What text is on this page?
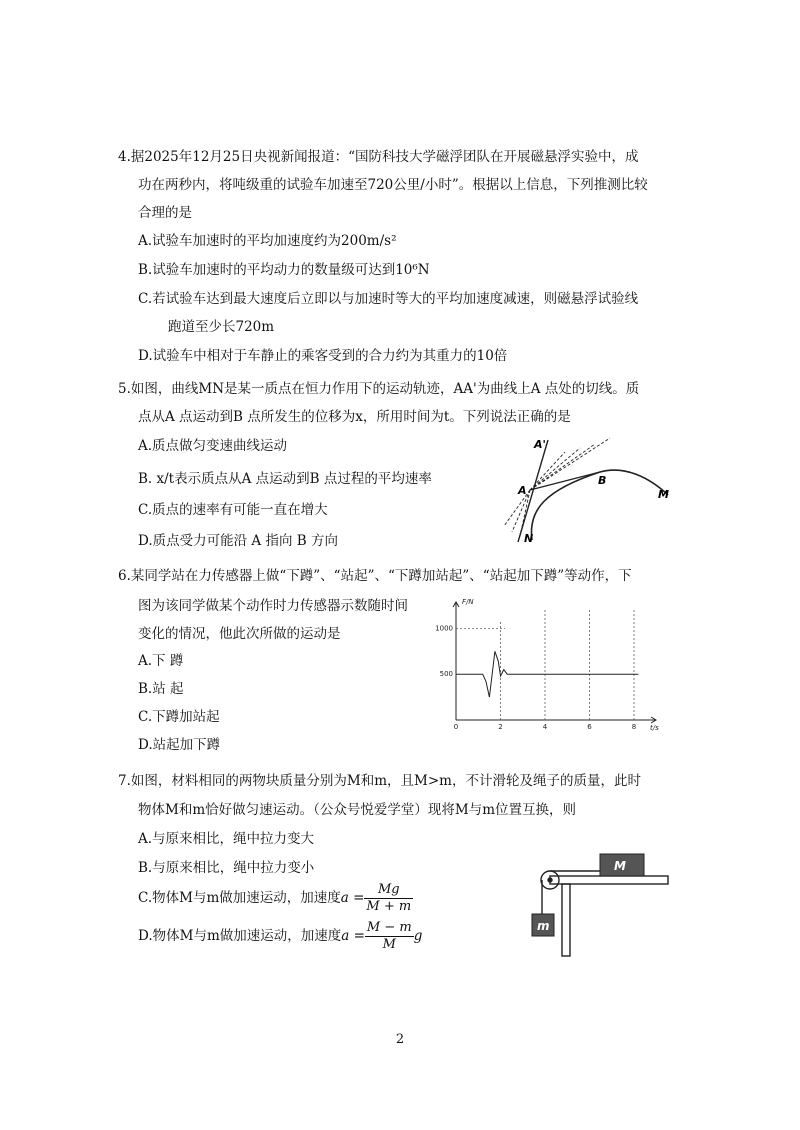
4.据2025年12月25日央视新闻报道：“国防科技大学磁浮团队在开展磁悬浮实验中，成
功在两秒内，将吨级重的试验车加速至720公里/小时”。根据以上信息，下列推测比较
合理的是
A.试验车加速时的平均加速度约为200m/s²
B.试验车加速时的平均动力的数量级可达到10⁶N
C.若试验车达到最大速度后立即以与加速时等大的平均加速度减速，则磁悬浮试验线
跑道至少长720m
D.试验车中相对于车静止的乘客受到的合力约为其重力的10倍
5.如图，曲线MN是某一质点在恒力作用下的运动轨迹，AA'为曲线上A 点处的切线。质
点从A 点运动到B 点所发生的位移为x，所用时间为t。下列说法正确的是
A.质点做匀变速曲线运动
B. x/t表示质点从A 点运动到B 点过程的平均速率
C.质点的速率有可能一直在增大
D.质点受力可能沿 A 指向 B 方向
A'
A
B
M
N
6.某同学站在力传感器上做“下蹲”、“站起”、“下蹲加站起”、“站起加下蹲”等动作，下
图为该同学做某个动作时力传感器示数随时间
变化的情况，他此次所做的运动是
A.下 蹲
B.站 起
C.下蹲加站起
D.站起加下蹲
F/N
t/s
1000
500
0	2	4	6	8
7.如图，材料相同的两物块质量分别为M和m，且M>m，不计滑轮及绳子的质量，此时
物体M和m恰好做匀速运动。（公众号悦爱学堂）现将M与m位置互换，则
A.与原来相比，绳中拉力变大
B.与原来相比，绳中拉力变小
C.物体M与m做加速运动，加速度$a = \frac{Mg}{M + m}$
D.物体M与m做加速运动，加速度$a = \frac{M - m}{M}$ g
M
m
2
